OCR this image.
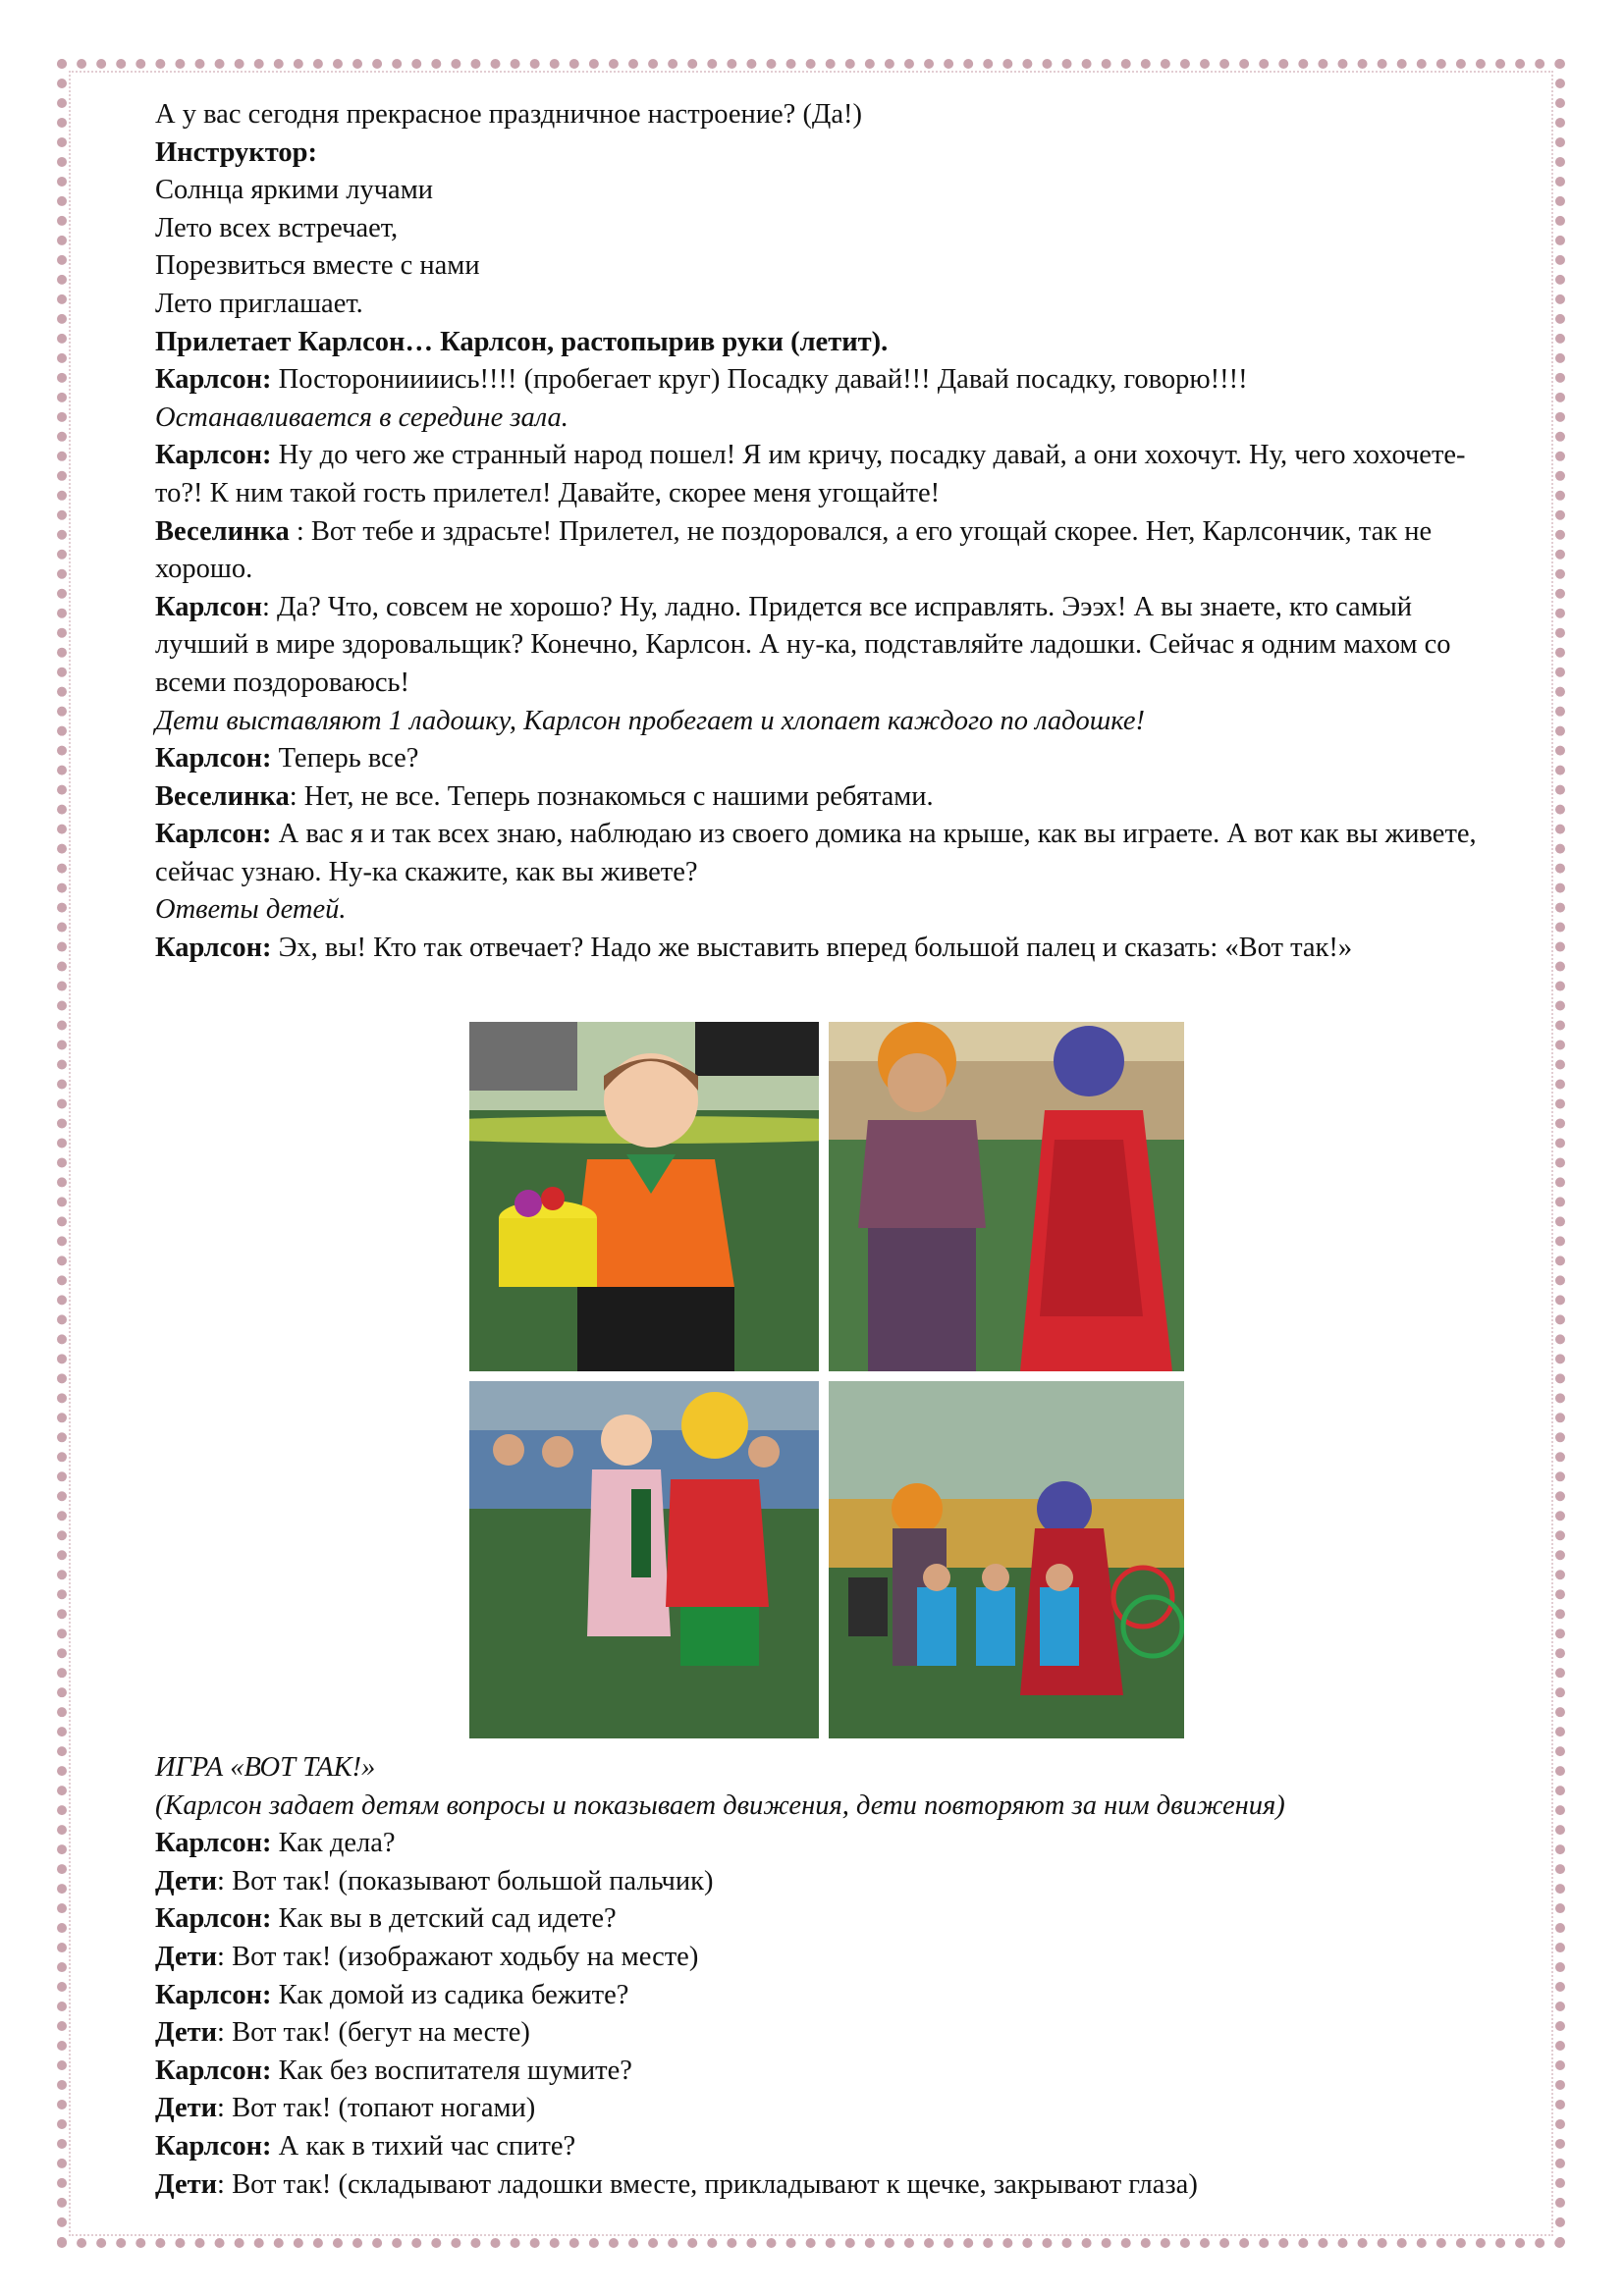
А у вас сегодня прекрасное праздничное настроение? (Да!)

Инструктор:

Солнца яркими лучами

Лето всех встречает,

Порезвиться вместе с нами

Лето приглашает.

Прилетает Карлсон… Карлсон, растопырив руки (летит).

Карлсон: Посторониииись!!!! (пробегает круг) Посадку давай!!! Давай посадку, говорю!!!!

Останавливается в середине зала.

Карлсон: Ну до чего же странный народ пошел! Я им кричу, посадку давай, а они хохочут. Ну, чего хохочете-то?! К ним такой гость прилетел! Давайте, скорее меня угощайте!

Веселинка : Вот тебе и здрасьте! Прилетел, не поздоровался, а его угощай скорее. Нет, Карлсончик, так не хорошо.

Карлсон: Да? Что, совсем не хорошо? Ну, ладно. Придется все исправлять. Эээх! А вы знаете, кто самый лучший в мире здоровальщик? Конечно, Карлсон. А ну-ка, подставляйте ладошки. Сейчас я одним махом со всеми поздороваюсь!

Дети выставляют 1 ладошку, Карлсон пробегает и хлопает каждого по ладошке!

Карлсон: Теперь все?

Веселинка: Нет, не все. Теперь познакомься с нашими ребятами.

Карлсон: А вас я и так всех знаю, наблюдаю из своего домика на крыше, как вы играете. А вот как вы живете, сейчас узнаю. Ну-ка скажите, как вы живете?

Ответы детей.

Карлсон: Эх, вы! Кто так отвечает? Надо же выставить вперед большой палец и сказать: «Вот так!»

ИГРА «ВОТ ТАК!»

(Карлсон задает детям вопросы и показывает движения, дети повторяют за ним движения)

Карлсон: Как дела?

Дети: Вот так! (показывают большой пальчик)

Карлсон: Как вы в детский сад идете?

Дети: Вот так! (изображают ходьбу на месте)

Карлсон: Как домой из садика бежите?

Дети: Вот так! (бегут на месте)

Карлсон: Как без воспитателя шумите?

Дети: Вот так! (топают ногами)

Карлсон: А как в тихий час спите?

Дети: Вот так! (складывают ладошки вместе, прикладывают к щечке, закрывают глаза)
